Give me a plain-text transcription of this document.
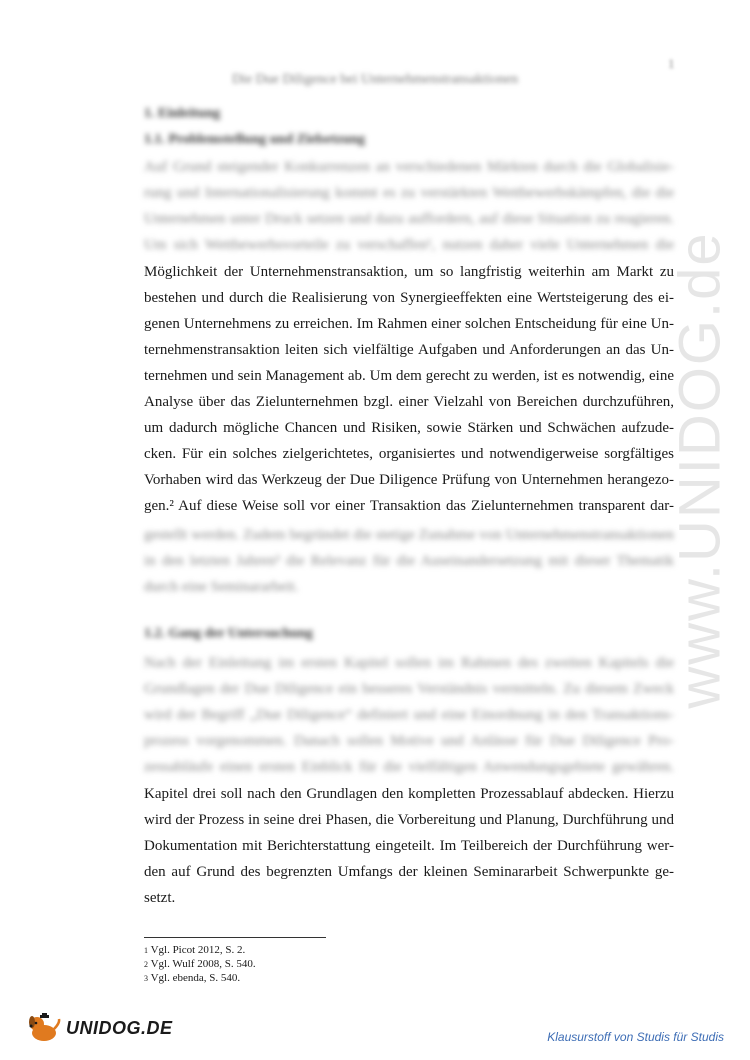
1
Die Due Diligence bei Unternehmenstransaktionen
www.UNIDOG.de
1. Einleitung
1.1. Problemstellung und Zielsetzung
Auf Grund steigender Konkurrenzen an verschiedenen Märkten durch die Globalisie-
rung und Internationalisierung kommt es zu verstärkten Wettbewerbskämpfen, die die
Unternehmen unter Druck setzen und dazu auffordern, auf diese Situation zu reagieren.
Um sich Wettbewerbsvorteile zu verschaffen¹, nutzen daher viele Unternehmen die
Möglichkeit der Unternehmenstransaktion, um so langfristig weiterhin am Markt zu
bestehen und durch die Realisierung von Synergieeffekten eine Wertsteigerung des ei-
genen Unternehmens zu erreichen. Im Rahmen einer solchen Entscheidung für eine Un-
ternehmenstransaktion leiten sich vielfältige Aufgaben und Anforderungen an das Un-
ternehmen und sein Management ab. Um dem gerecht zu werden, ist es notwendig, eine
Analyse über das Zielunternehmen bzgl. einer Vielzahl von Bereichen durchzuführen,
um dadurch mögliche Chancen und Risiken, sowie Stärken und Schwächen aufzude-
cken. Für ein solches zielgerichtetes, organisiertes und notwendigerweise sorgfältiges
Vorhaben wird das Werkzeug der Due Diligence Prüfung von Unternehmen herangezo-
gen.² Auf diese Weise soll vor einer Transaktion das Zielunternehmen transparent dar-
gestellt werden. Zudem begründet die stetige Zunahme von Unternehmenstransaktionen
in den letzten Jahren³ die Relevanz für die Auseinandersetzung mit dieser Thematik
durch eine Seminararbeit.
1.2. Gang der Untersuchung
Nach der Einleitung im ersten Kapitel sollen im Rahmen des zweiten Kapitels die
Grundlagen der Due Diligence ein besseres Verständnis vermitteln. Zu diesem Zweck
wird der Begriff „Due Diligence“ definiert und eine Einordnung in den Transaktions-
prozess vorgenommen. Danach sollen Motive und Anlässe für Due Diligence Pro-
zessabläufe einen ersten Einblick für die vielfältigen Anwendungsgebiete gewähren.
Kapitel drei soll nach den Grundlagen den kompletten Prozessablauf abdecken. Hierzu
wird der Prozess in seine drei Phasen, die Vorbereitung und Planung, Durchführung und
Dokumentation mit Berichterstattung eingeteilt. Im Teilbereich der Durchführung wer-
den auf Grund des begrenzten Umfangs der kleinen Seminararbeit Schwerpunkte ge-
setzt.
$^1$ Vgl. Picot 2012, S. 2.
$^2$ Vgl. Wulf 2008, S. 540.
$^3$ Vgl. ebenda, S. 540.
UNIDOG.DE	Klausurstoff von Studis für Studis
